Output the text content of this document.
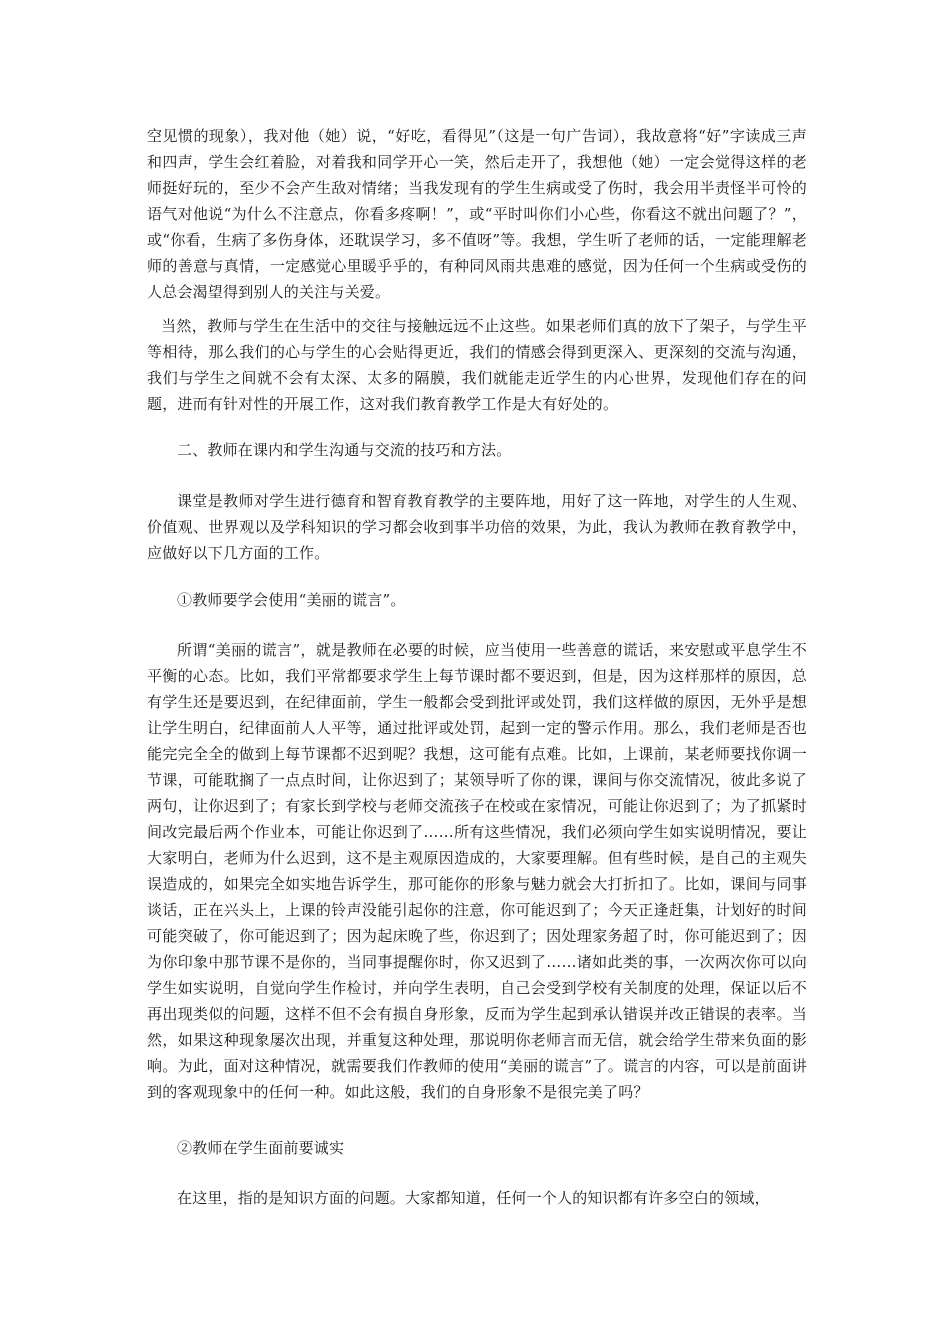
空见惯的现象），我对他（她）说，“好吃，看得见”（这是一句广告词），我故意将“好”字读成三声和四声，学生会红着脸，对着我和同学开心一笑，然后走开了，我想他（她）一定会觉得这样的老师挺好玩的，至少不会产生敌对情绪；当我发现有的学生生病或受了伤时，我会用半责怪半可怜的语气对他说“为什么不注意点，你看多疼啊！”，或“平时叫你们小心些，你看这不就出问题了？”，或“你看，生病了多伤身体，还耽误学习，多不值呀”等。我想，学生听了老师的话，一定能理解老师的善意与真情，一定感觉心里暖乎乎的，有种同风雨共患难的感觉，因为任何一个生病或受伤的人总会渴望得到别人的关注与关爱。

当然，教师与学生在生活中的交往与接触远远不止这些。如果老师们真的放下了架子，与学生平等相待，那么我们的心与学生的心会贴得更近，我们的情感会得到更深入、更深刻的交流与沟通，我们与学生之间就不会有太深、太多的隔膜，我们就能走近学生的内心世界，发现他们存在的问题，进而有针对性的开展工作，这对我们教育教学工作是大有好处的。

二、教师在课内和学生沟通与交流的技巧和方法。

课堂是教师对学生进行德育和智育教育教学的主要阵地，用好了这一阵地，对学生的人生观、价值观、世界观以及学科知识的学习都会收到事半功倍的效果，为此，我认为教师在教育教学中，应做好以下几方面的工作。

①教师要学会使用“美丽的谎言”。

所谓“美丽的谎言”，就是教师在必要的时候，应当使用一些善意的谎话，来安慰或平息学生不平衡的心态。比如，我们平常都要求学生上每节课时都不要迟到，但是，因为这样那样的原因，总有学生还是要迟到，在纪律面前，学生一般都会受到批评或处罚，我们这样做的原因，无外乎是想让学生明白，纪律面前人人平等，通过批评或处罚，起到一定的警示作用。那么，我们老师是否也能完完全全的做到上每节课都不迟到呢？我想，这可能有点难。比如，上课前，某老师要找你调一节课，可能耽搁了一点点时间，让你迟到了；某领导听了你的课，课间与你交流情况，彼此多说了两句，让你迟到了；有家长到学校与老师交流孩子在校或在家情况，可能让你迟到了；为了抓紧时间改完最后两个作业本，可能让你迟到了……所有这些情况，我们必须向学生如实说明情况，要让大家明白，老师为什么迟到，这不是主观原因造成的，大家要理解。但有些时候，是自己的主观失误造成的，如果完全如实地告诉学生，那可能你的形象与魅力就会大打折扣了。比如，课间与同事谈话，正在兴头上，上课的铃声没能引起你的注意，你可能迟到了；今天正逢赶集，计划好的时间可能突破了，你可能迟到了；因为起床晚了些，你迟到了；因处理家务超了时，你可能迟到了；因为你印象中那节课不是你的，当同事提醒你时，你又迟到了……诸如此类的事，一次两次你可以向学生如实说明，自觉向学生作检讨，并向学生表明，自己会受到学校有关制度的处理，保证以后不再出现类似的问题，这样不但不会有损自身形象，反而为学生起到承认错误并改正错误的表率。当然，如果这种现象屡次出现，并重复这种处理，那说明你老师言而无信，就会给学生带来负面的影响。为此，面对这种情况，就需要我们作教师的使用“美丽的谎言”了。谎言的内容，可以是前面讲到的客观现象中的任何一种。如此这般，我们的自身形象不是很完美了吗？

②教师在学生面前要诚实

在这里，指的是知识方面的问题。大家都知道，任何一个人的知识都有许多空白的领域，
